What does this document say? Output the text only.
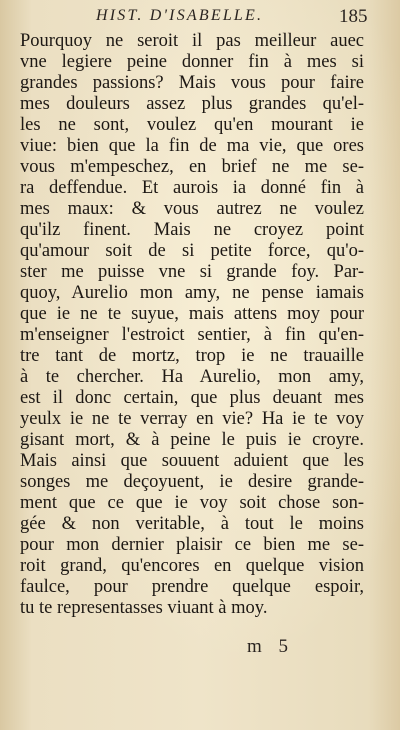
HIST. D'ISABELLE.	185
Pourquoy ne seroit il pas meilleur auec
vne legiere peine donner fin à mes si
grandes passions? Mais vous pour faire
mes douleurs assez plus grandes qu'el-
les ne sont, voulez qu'en mourant ie
viue: bien que la fin de ma vie, que ores
vous m'empeschez, en brief ne me se-
ra deffendue. Et aurois ia donné fin à
mes maux: & vous autrez ne voulez
qu'ilz finent. Mais ne croyez point
qu'amour soit de si petite force, qu'o-
ster me puisse vne si grande foy. Par-
quoy, Aurelio mon amy, ne pense iamais
que ie ne te suyue, mais attens moy pour
m'enseigner l'estroict sentier, à fin qu'en-
tre tant de mortz, trop ie ne trauaille
à te chercher. Ha Aurelio, mon amy,
est il donc certain, que plus deuant mes
yeulx ie ne te verray en vie? Ha ie te voy
gisant mort, & à peine le puis ie croyre.
Mais ainsi que souuent aduient que les
songes me deçoyuent, ie desire grande-
ment que ce que ie voy soit chose son-
gée & non veritable, à tout le moins
pour mon dernier plaisir ce bien me se-
roit grand, qu'encores en quelque vision
faulce, pour prendre quelque espoir,
tu te representasses viuant à moy.
m 5
